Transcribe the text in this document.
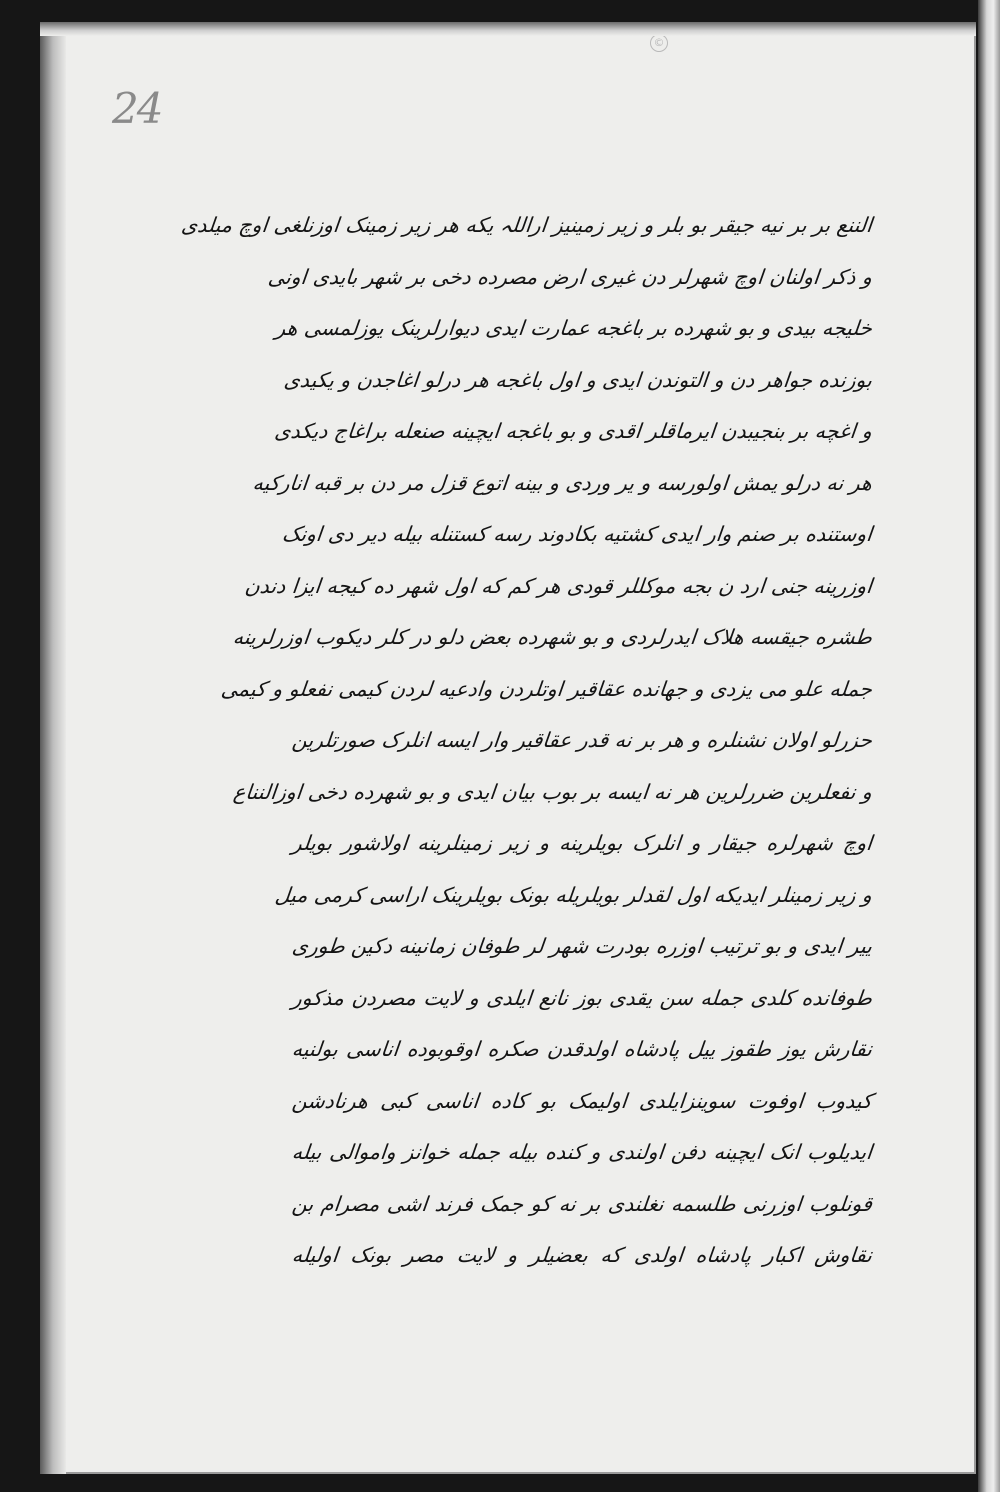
24
©
الننع بر بر نیه جیقر بو بلر و زیر زمینیز اراللہ یکه هر زیر زمینک اوزنلغی اوچ میلدی
و ذکر اولنان اوچ شهرلر دن غیری ارض مصرده دخی بر شهر بایدی اونی
خلیجه بیدی و بو شهرده بر باغجه عمارت ایدی دیوارلرینک یوزلمسی هر
بوزنده جواهر دن و التوندن ایدی و اول باغجه هر درلو اغاجدن و یکیدی
و اغچه بر بنجیبدن ایرماقلر اقدی و بو باغجه ایچینه صنعله براغاج دیکدی
هر نه درلو یمش اولورسه و یر وردی و بینه اتوع قزل مر دن بر قبه انارکیه
اوستنده بر صنم وار ایدی کشتیه بکادوند رسه کستنله بیله دیر دی اونک
اوزرینه جنی ارد ن بجه موکللر قودی هر کم که اول شهر ده کیجه ایزا دندن
طشره جیقسه هلاک ایدرلردی و بو شهرده بعض دلو در کلر دیکوب اوزرلرینه
جمله علو می یزدی و جهانده عقاقیر اوتلردن وادعیه لردن کیمی نفعلو و کیمی
حزرلو اولان نشنلره و هر بر نه قدر عقاقیر وار ایسه انلرک صورتلرین
و نفعلرین ضررلرین هر نه ایسه بر بوب بیان ایدی و بو شهرده دخی اوزالنناع
اوچ شهرلره جیقار و انلرک بویلرینه و زیر زمینلرینه اولاشور بویلر
و زیر زمینلر ایدیکه اول لقدلر بویلریله بونک بویلرینک اراسی کرمی میل
ییر ایدی و بو ترتیب اوزره بودرت شهر لر طوفان زمانینه دکین طوری
طوفانده کلدی جمله سن یقدی بوز نانع ایلدی و لایت مصردن مذکور
نقارش یوز طقوز ییل پادشاه اولدقدن صکره اوقوبوده اناسی بولنیه
کیدوب اوفوت سوینزایلدی اولیمک بو کاده اناسی کبی هرنادشن
ایدیلوب انک ایچینه دفن اولندی و کنده بیله جمله خوانز واموالی بیله
قونلوب اوزرنی طلسمه نغلندی بر نه کو جمک فرند اشی مصرام بن
نقاوش اکبار پادشاه اولدی که بعضیلر و لایت مصر بونک اولیله
